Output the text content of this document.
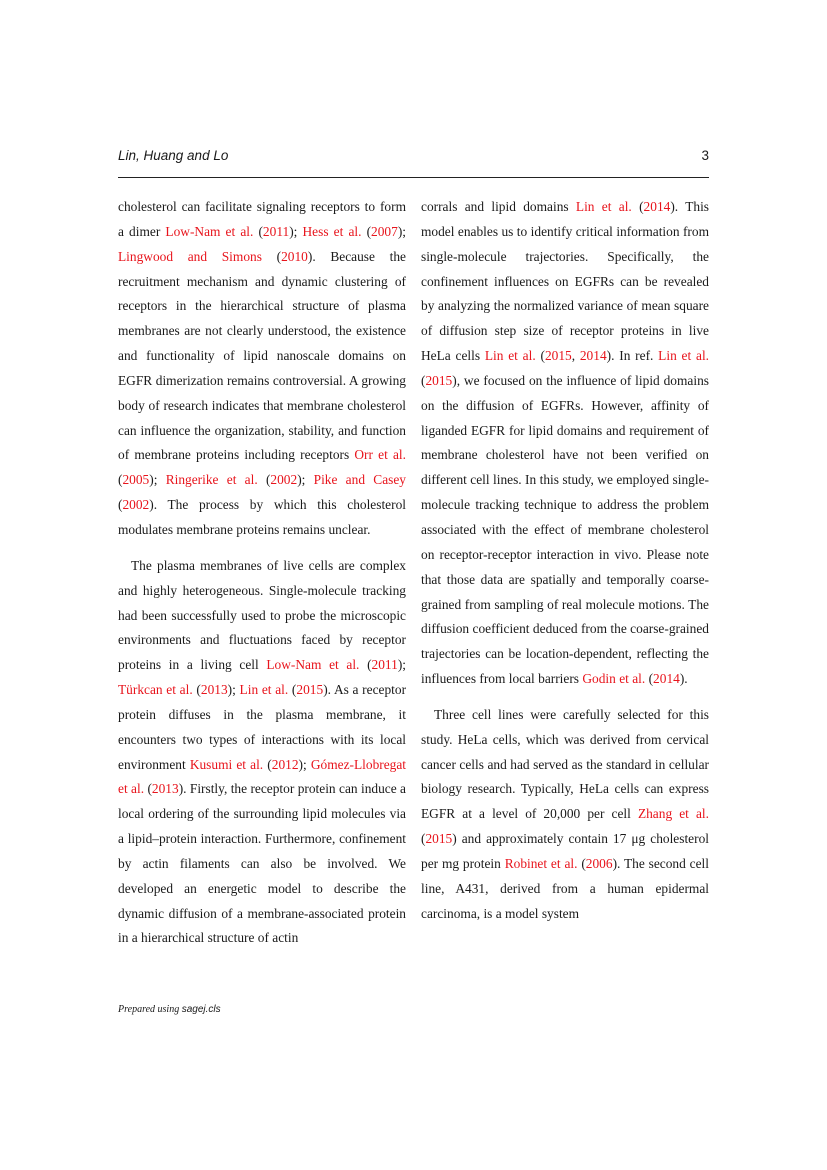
Lin, Huang and Lo	3

cholesterol can facilitate signaling receptors to form a dimer Low-Nam et al. (2011); Hess et al. (2007); Lingwood and Simons (2010). Because the recruitment mechanism and dynamic clustering of receptors in the hierarchical structure of plasma membranes are not clearly understood, the existence and functionality of lipid nanoscale domains on EGFR dimerization remains controversial. A growing body of research indicates that membrane cholesterol can influence the organization, stability, and function of membrane proteins including receptors Orr et al. (2005); Ringerike et al. (2002); Pike and Casey (2002). The process by which this cholesterol modulates membrane proteins remains unclear.

The plasma membranes of live cells are complex and highly heterogeneous. Single-molecule tracking had been successfully used to probe the microscopic environments and fluctuations faced by receptor proteins in a living cell Low-Nam et al. (2011); Türkcan et al. (2013); Lin et al. (2015). As a receptor protein diffuses in the plasma membrane, it encounters two types of interactions with its local environment Kusumi et al. (2012); Gómez-Llobregat et al. (2013). Firstly, the receptor protein can induce a local ordering of the surrounding lipid molecules via a lipid–protein interaction. Furthermore, confinement by actin filaments can also be involved. We developed an energetic model to describe the dynamic diffusion of a membrane-associated protein in a hierarchical structure of actin

corrals and lipid domains Lin et al. (2014). This model enables us to identify critical information from single-molecule trajectories. Specifically, the confinement influences on EGFRs can be revealed by analyzing the normalized variance of mean square of diffusion step size of receptor proteins in live HeLa cells Lin et al. (2015, 2014). In ref. Lin et al. (2015), we focused on the influence of lipid domains on the diffusion of EGFRs. However, affinity of liganded EGFR for lipid domains and requirement of membrane cholesterol have not been verified on different cell lines. In this study, we employed single-molecule tracking technique to address the problem associated with the effect of membrane cholesterol on receptor-receptor interaction in vivo. Please note that those data are spatially and temporally coarse-grained from sampling of real molecule motions. The diffusion coefficient deduced from the coarse-grained trajectories can be location-dependent, reflecting the influences from local barriers Godin et al. (2014).

Three cell lines were carefully selected for this study. HeLa cells, which was derived from cervical cancer cells and had served as the standard in cellular biology research. Typically, HeLa cells can express EGFR at a level of 20,000 per cell Zhang et al. (2015) and approximately contain 17 μg cholesterol per mg protein Robinet et al. (2006). The second cell line, A431, derived from a human epidermal carcinoma, is a model system

Prepared using sagej.cls
